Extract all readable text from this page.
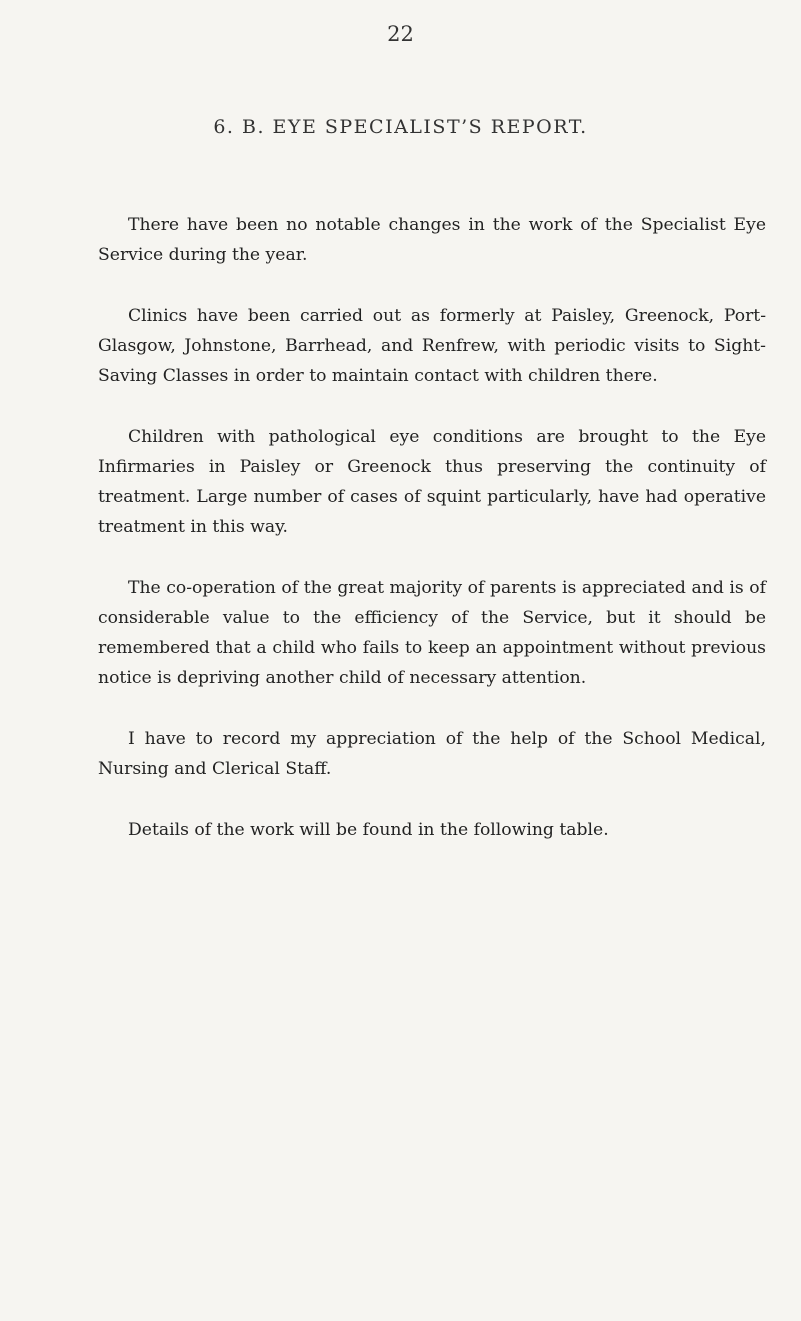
22
6. B. EYE SPECIALIST’S REPORT.

There have been no notable changes in the work of the Specialist Eye Service during the year.

Clinics have been carried out as formerly at Paisley, Greenock, Port-Glasgow, Johnstone, Barrhead, and Renfrew, with periodic visits to Sight-Saving Classes in order to maintain contact with children there.

Children with pathological eye conditions are brought to the Eye Infirmaries in Paisley or Greenock thus preserving the continuity of treatment. Large number of cases of squint particularly, have had operative treatment in this way.

The co-operation of the great majority of parents is appreciated and is of considerable value to the efficiency of the Service, but it should be remembered that a child who fails to keep an appointment without previous notice is depriving another child of necessary attention.

I have to record my appreciation of the help of the School Medical, Nursing and Clerical Staff.

Details of the work will be found in the following table.
